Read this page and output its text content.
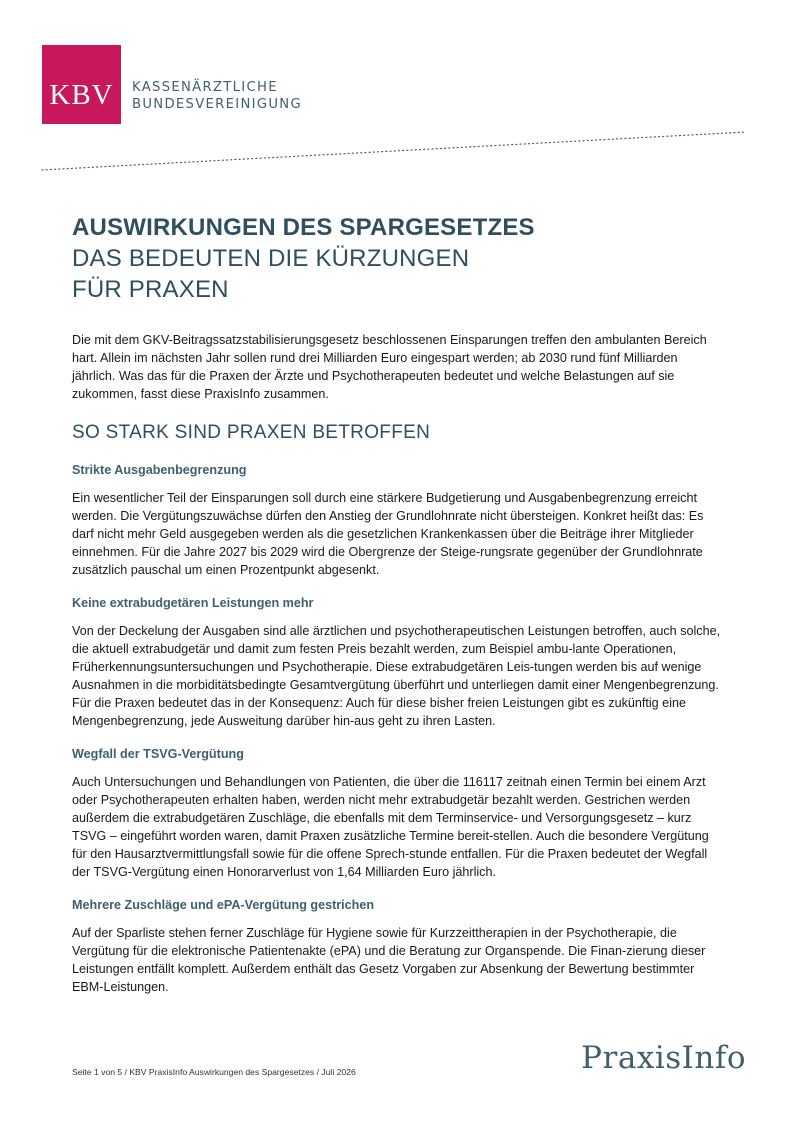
KBV KASSENÄRZTLICHE
BUNDESVEREINIGUNG
AUSWIRKUNGEN DES SPARGESETZES
DAS BEDEUTEN DIE KÜRZUNGEN
FÜR PRAXEN

Die mit dem GKV-Beitragssatzstabilisierungsgesetz beschlossenen Einsparungen treffen den ambulanten Bereich hart. Allein im nächsten Jahr sollen rund drei Milliarden Euro eingespart werden; ab 2030 rund fünf Milliarden jährlich. Was das für die Praxen der Ärzte und Psychotherapeuten bedeutet und welche Belastungen auf sie zukommen, fasst diese PraxisInfo zusammen.

SO STARK SIND PRAXEN BETROFFEN
Strikte Ausgabenbegrenzung

Ein wesentlicher Teil der Einsparungen soll durch eine stärkere Budgetierung und Ausgabenbegrenzung erreicht werden. Die Vergütungszuwächse dürfen den Anstieg der Grundlohnrate nicht übersteigen. Konkret heißt das: Es darf nicht mehr Geld ausgegeben werden als die gesetzlichen Krankenkassen über die Beiträge ihrer Mitglieder einnehmen. Für die Jahre 2027 bis 2029 wird die Obergrenze der Steige-rungsrate gegenüber der Grundlohnrate zusätzlich pauschal um einen Prozentpunkt abgesenkt.

Keine extrabudgetären Leistungen mehr

Von der Deckelung der Ausgaben sind alle ärztlichen und psychotherapeutischen Leistungen betroffen, auch solche, die aktuell extrabudgetär und damit zum festen Preis bezahlt werden, zum Beispiel ambu-lante Operationen, Früherkennungsuntersuchungen und Psychotherapie. Diese extrabudgetären Leis-tungen werden bis auf wenige Ausnahmen in die morbiditätsbedingte Gesamtvergütung überführt und unterliegen damit einer Mengenbegrenzung. Für die Praxen bedeutet das in der Konsequenz: Auch für diese bisher freien Leistungen gibt es zukünftig eine Mengenbegrenzung, jede Ausweitung darüber hin-aus geht zu ihren Lasten.

Wegfall der TSVG-Vergütung

Auch Untersuchungen und Behandlungen von Patienten, die über die 116117 zeitnah einen Termin bei einem Arzt oder Psychotherapeuten erhalten haben, werden nicht mehr extrabudgetär bezahlt werden. Gestrichen werden außerdem die extrabudgetären Zuschläge, die ebenfalls mit dem Terminservice- und Versorgungsgesetz – kurz TSVG – eingeführt worden waren, damit Praxen zusätzliche Termine bereit-stellen. Auch die besondere Vergütung für den Hausarztvermittlungsfall sowie für die offene Sprech-stunde entfallen. Für die Praxen bedeutet der Wegfall der TSVG-Vergütung einen Honorarverlust von 1,64 Milliarden Euro jährlich.

Mehrere Zuschläge und ePA-Vergütung gestrichen

Auf der Sparliste stehen ferner Zuschläge für Hygiene sowie für Kurzzeittherapien in der Psychotherapie, die Vergütung für die elektronische Patientenakte (ePA) und die Beratung zur Organspende. Die Finan-zierung dieser Leistungen entfällt komplett. Außerdem enthält das Gesetz Vorgaben zur Absenkung der Bewertung bestimmter EBM-Leistungen.

Seite 1 von 5 / KBV PraxisInfo Auswirkungen des Spargesetzes / Juli 2026	PraxisInfo
